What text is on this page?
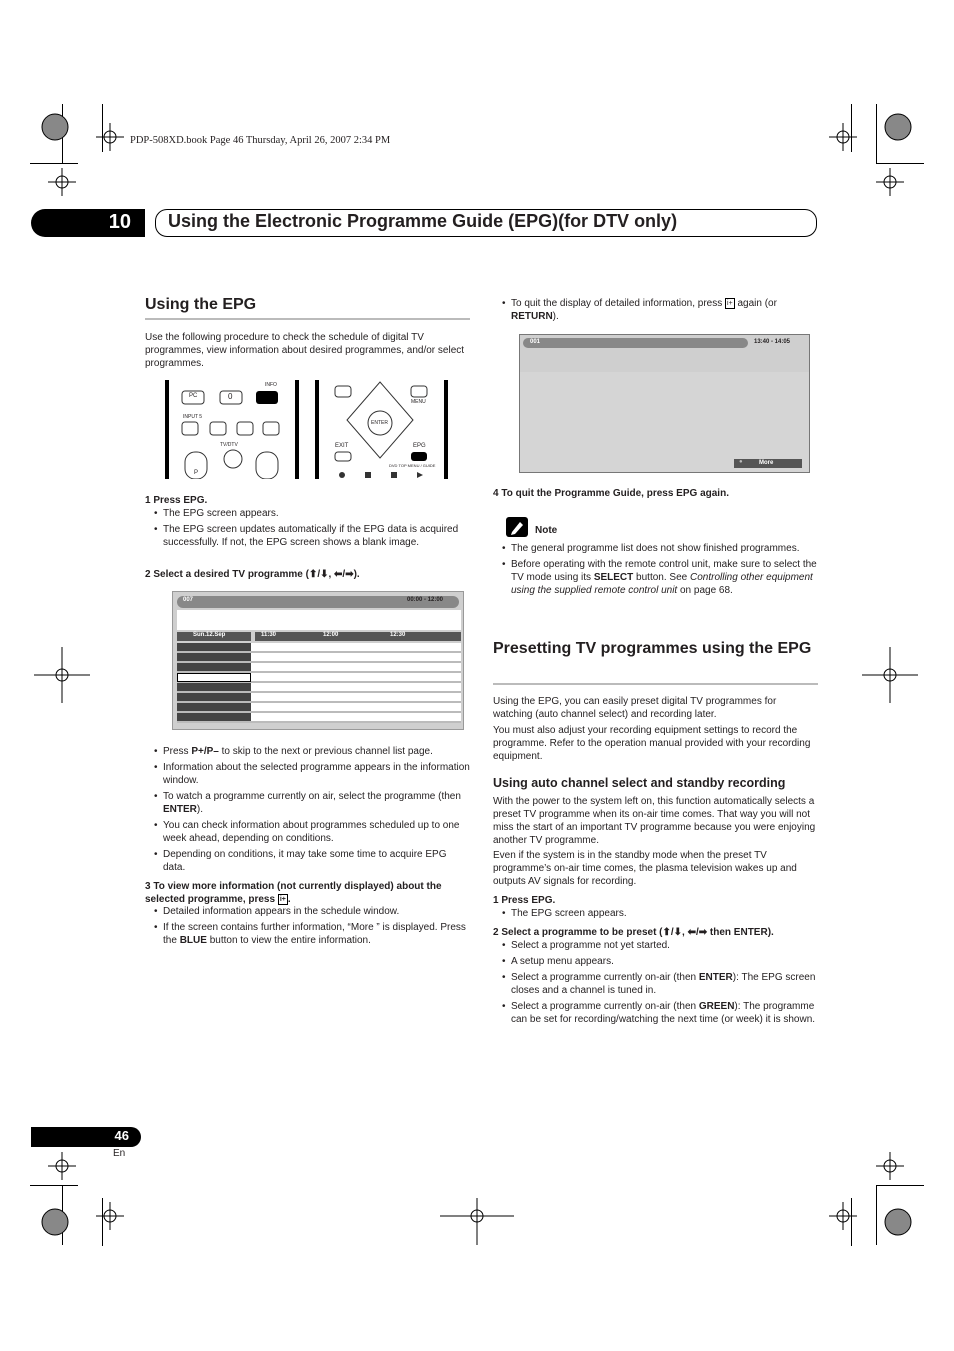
PDP-508XD.book Page 46 Thursday, April 26, 2007 2:34 PM
10	Using the Electronic Programme Guide (EPG)(for DTV only)
Using the EPG
Use the following procedure to check the schedule of digital TV programmes, view information about desired programmes, and/or select programmes.
INFO
PC	0
INPUT 5
TV/DTV
P
ENTER
MENU
EXIT	EPG
DVD TOP MENU / GUIDE
1 Press EPG.
• The EPG screen appears.
• The EPG screen updates automatically if the EPG data is acquired successfully. If not, the EPG screen shows a blank image.
2 Select a desired TV programme (⬆/⬇, ⬅/➡).
007	00:00 - 12:00
Sun.12.Sep	11:30	12:00	12:30
• Press P+/P– to skip to the next or previous channel list page.
• Information about the selected programme appears in the information window.
• To watch a programme currently on air, select the programme (then ENTER).
• You can check information about programmes scheduled up to one week ahead, depending on conditions.
• Depending on conditions, it may take some time to acquire EPG data.
3 To view more information (not currently displayed) about the selected programme, press i+ .
• Detailed information appears in the schedule window.
• If the screen contains further information, “More ” is displayed. Press the BLUE button to view the entire information.
• To quit the display of detailed information, press i+ again (or RETURN).
001	13:40 - 14:05
●	More
4 To quit the Programme Guide, press EPG again.
Note
• The general programme list does not show finished programmes.
• Before operating with the remote control unit, make sure to select the TV mode using its SELECT button. See Controlling other equipment using the supplied remote control unit on page 68.
Presetting TV programmes using the EPG
Using the EPG, you can easily preset digital TV programmes for watching (auto channel select) and recording later.
You must also adjust your recording equipment settings to record the programme. Refer to the operation manual provided with your recording equipment.
Using auto channel select and standby recording
With the power to the system left on, this function automatically selects a preset TV programme when its on-air time comes. That way you will not miss the start of an important TV programme because you were enjoying another TV programme.
Even if the system is in the standby mode when the preset TV programme’s on-air time comes, the plasma television wakes up and outputs AV signals for recording.
1 Press EPG.
• The EPG screen appears.
2 Select a programme to be preset (⬆/⬇, ⬅/➡ then ENTER).
• Select a programme not yet started.
• A setup menu appears.
• Select a programme currently on-air (then ENTER): The EPG screen closes and a channel is tuned in.
• Select a programme currently on-air (then GREEN): The programme can be set for recording/watching the next time (or week) it is shown.
46
En
